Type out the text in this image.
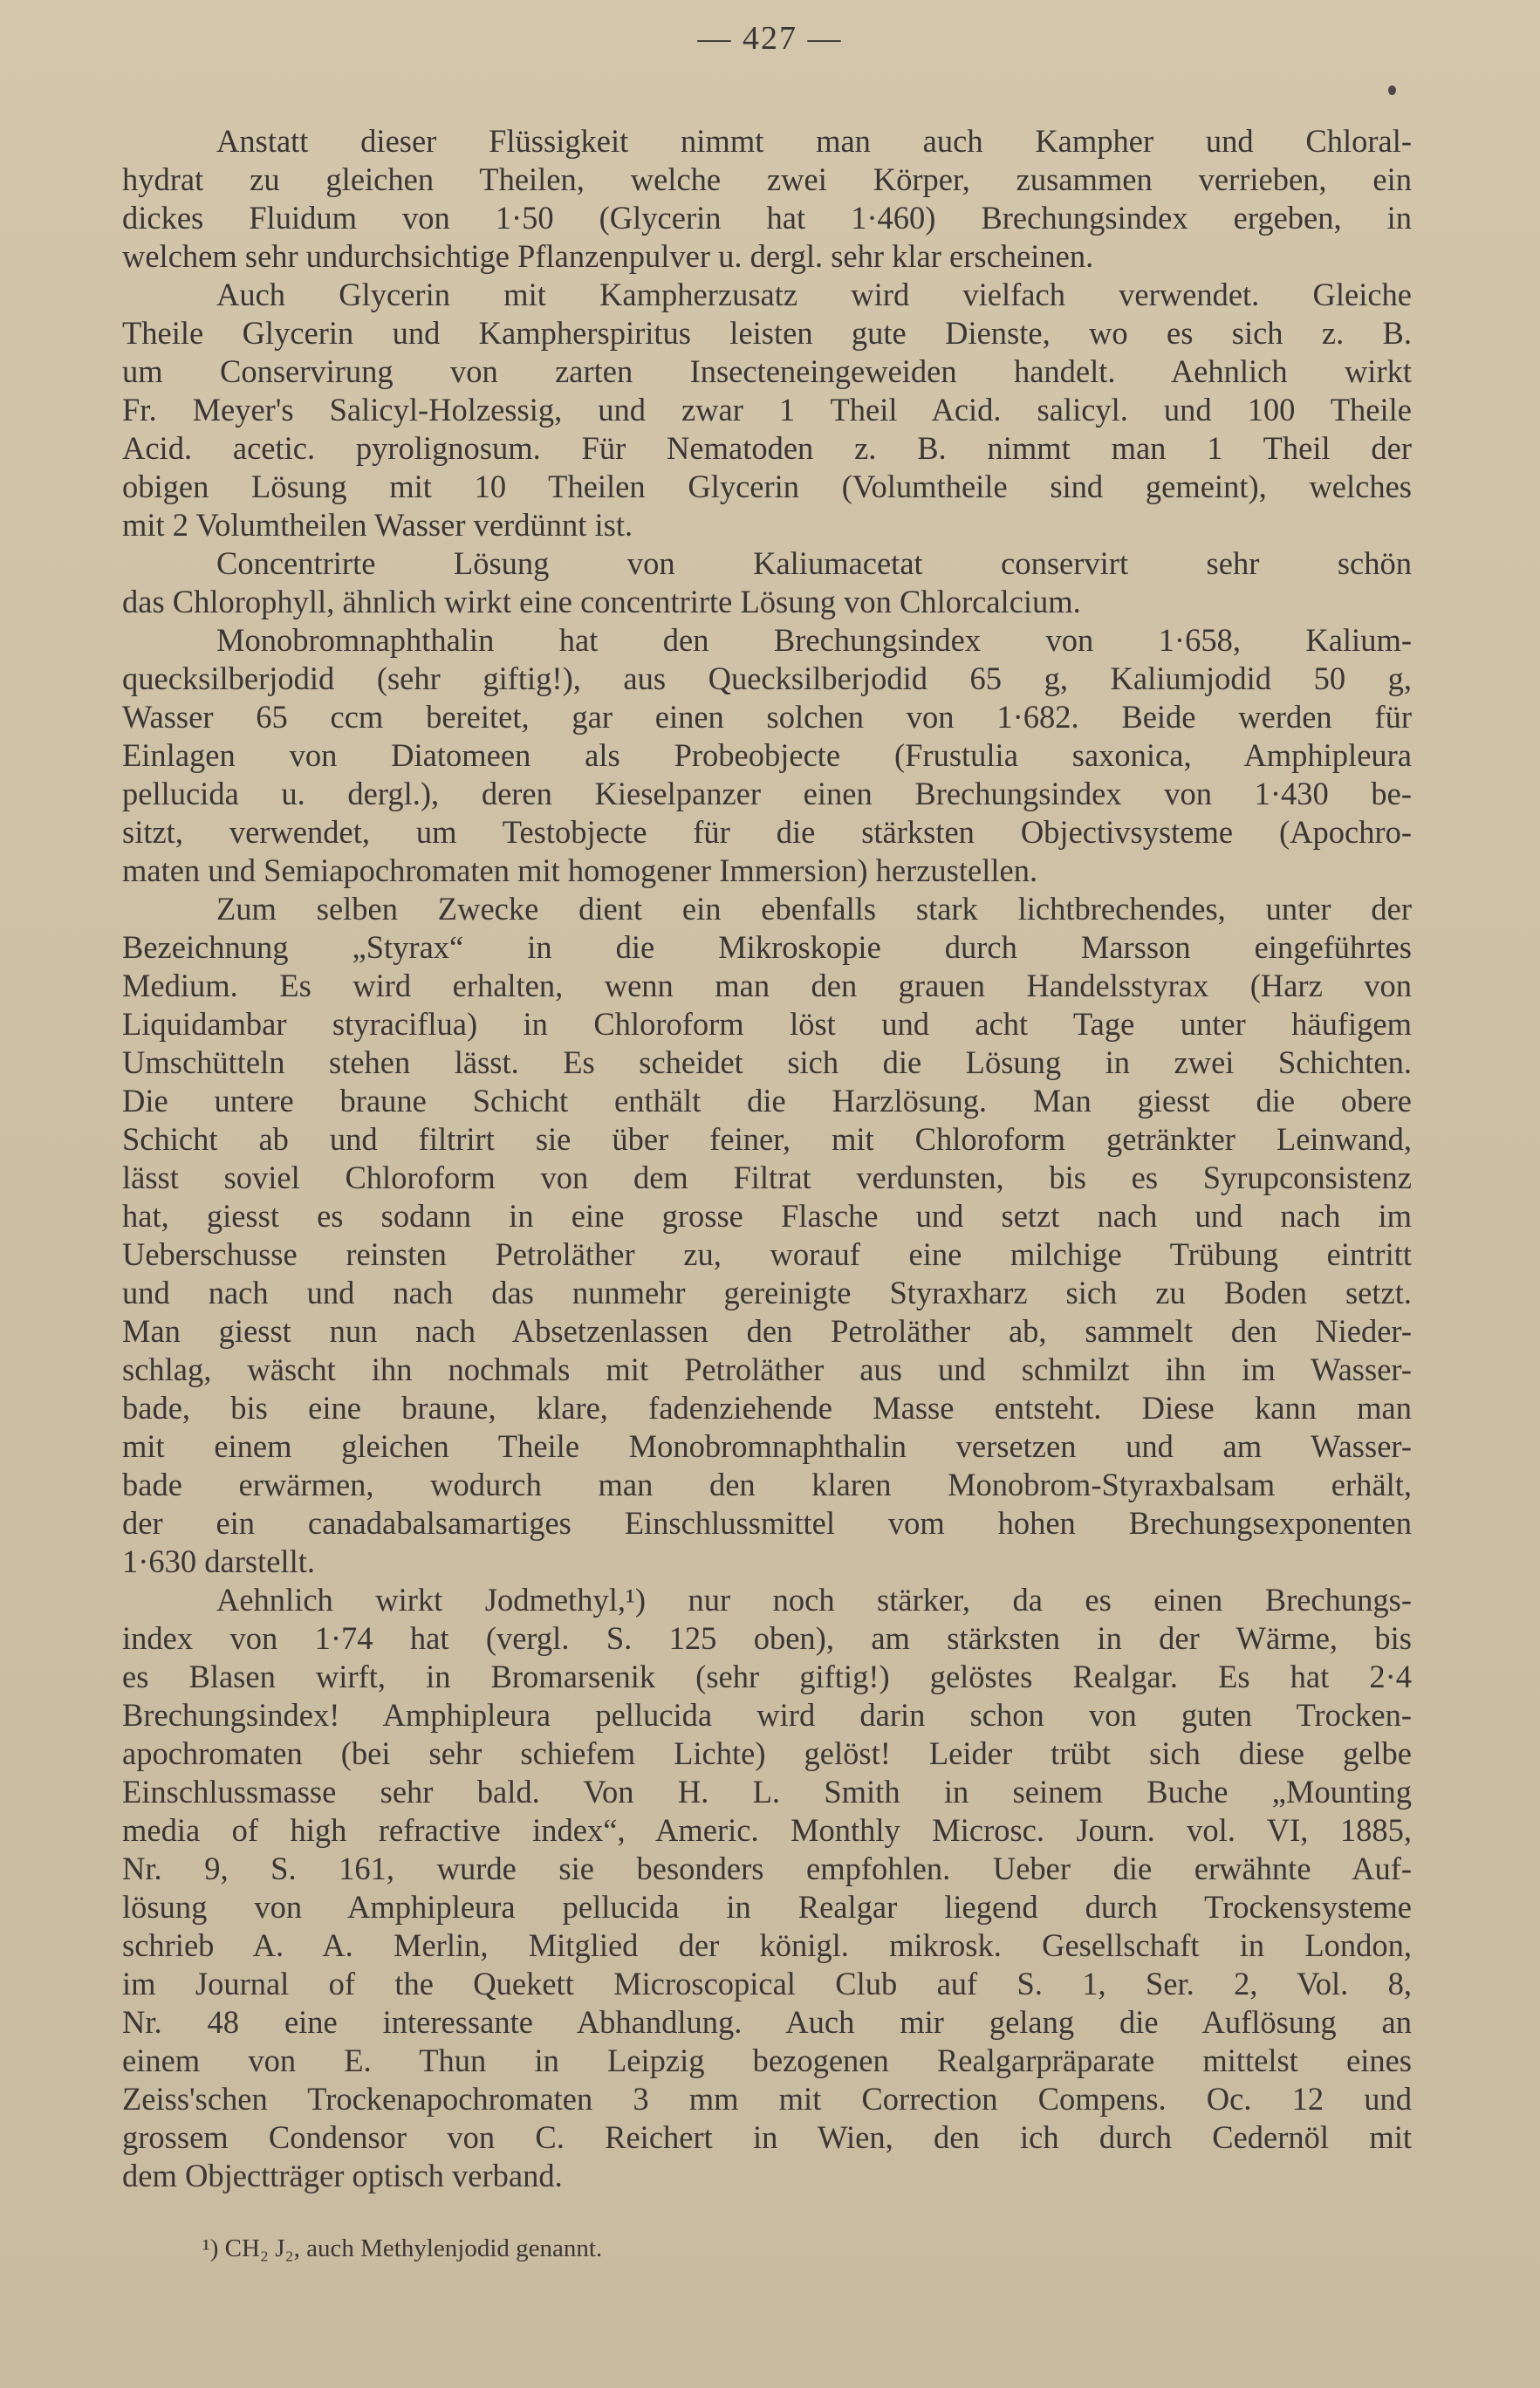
— 427 —
Anstatt dieser Flüssigkeit nimmt man auch Kampher und Chloral-
hydrat zu gleichen Theilen, welche zwei Körper, zusammen verrieben, ein
dickes Fluidum von 1·50 (Glycerin hat 1·460) Brechungsindex ergeben, in
welchem sehr undurchsichtige Pflanzenpulver u. dergl. sehr klar erscheinen.
Auch Glycerin mit Kampherzusatz wird vielfach verwendet. Gleiche
Theile Glycerin und Kampherspiritus leisten gute Dienste, wo es sich z. B.
um Conservirung von zarten Insecteneingeweiden handelt. Aehnlich wirkt
Fr. Meyer's Salicyl-Holzessig, und zwar 1 Theil Acid. salicyl. und 100 Theile
Acid. acetic. pyrolignosum. Für Nematoden z. B. nimmt man 1 Theil der
obigen Lösung mit 10 Theilen Glycerin (Volumtheile sind gemeint), welches
mit 2 Volumtheilen Wasser verdünnt ist.
Concentrirte Lösung von Kaliumacetat conservirt sehr schön
das Chlorophyll, ähnlich wirkt eine concentrirte Lösung von Chlorcalcium.
Monobromnaphthalin hat den Brechungsindex von 1·658, Kalium-
quecksilberjodid (sehr giftig!), aus Quecksilberjodid 65 g, Kaliumjodid 50 g,
Wasser 65 ccm bereitet, gar einen solchen von 1·682. Beide werden für
Einlagen von Diatomeen als Probeobjecte (Frustulia saxonica, Amphipleura
pellucida u. dergl.), deren Kieselpanzer einen Brechungsindex von 1·430 be-
sitzt, verwendet, um Testobjecte für die stärksten Objectivsysteme (Apochro-
maten und Semiapochromaten mit homogener Immersion) herzustellen.
Zum selben Zwecke dient ein ebenfalls stark lichtbrechendes, unter der
Bezeichnung „Styrax“ in die Mikroskopie durch Marsson eingeführtes
Medium. Es wird erhalten, wenn man den grauen Handelsstyrax (Harz von
Liquidambar styraciflua) in Chloroform löst und acht Tage unter häufigem
Umschütteln stehen lässt. Es scheidet sich die Lösung in zwei Schichten.
Die untere braune Schicht enthält die Harzlösung. Man giesst die obere
Schicht ab und filtrirt sie über feiner, mit Chloroform getränkter Leinwand,
lässt soviel Chloroform von dem Filtrat verdunsten, bis es Syrupconsistenz
hat, giesst es sodann in eine grosse Flasche und setzt nach und nach im
Ueberschusse reinsten Petroläther zu, worauf eine milchige Trübung eintritt
und nach und nach das nunmehr gereinigte Styraxharz sich zu Boden setzt.
Man giesst nun nach Absetzenlassen den Petroläther ab, sammelt den Nieder-
schlag, wäscht ihn nochmals mit Petroläther aus und schmilzt ihn im Wasser-
bade, bis eine braune, klare, fadenziehende Masse entsteht. Diese kann man
mit einem gleichen Theile Monobromnaphthalin versetzen und am Wasser-
bade erwärmen, wodurch man den klaren Monobrom-Styraxbalsam erhält,
der ein canadabalsamartiges Einschlussmittel vom hohen Brechungsexponenten
1·630 darstellt.
Aehnlich wirkt Jodmethyl,¹) nur noch stärker, da es einen Brechungs-
index von 1·74 hat (vergl. S. 125 oben), am stärksten in der Wärme, bis
es Blasen wirft, in Bromarsenik (sehr giftig!) gelöstes Realgar. Es hat 2·4
Brechungsindex! Amphipleura pellucida wird darin schon von guten Trocken-
apochromaten (bei sehr schiefem Lichte) gelöst! Leider trübt sich diese gelbe
Einschlussmasse sehr bald. Von H. L. Smith in seinem Buche „Mounting
media of high refractive index“, Americ. Monthly Microsc. Journ. vol. VI, 1885,
Nr. 9, S. 161, wurde sie besonders empfohlen. Ueber die erwähnte Auf-
lösung von Amphipleura pellucida in Realgar liegend durch Trockensysteme
schrieb A. A. Merlin, Mitglied der königl. mikrosk. Gesellschaft in London,
im Journal of the Quekett Microscopical Club auf S. 1, Ser. 2, Vol. 8,
Nr. 48 eine interessante Abhandlung. Auch mir gelang die Auflösung an
einem von E. Thun in Leipzig bezogenen Realgarpräparate mittelst eines
Zeiss'schen Trockenapochromaten 3 mm mit Correction Compens. Oc. 12 und
grossem Condensor von C. Reichert in Wien, den ich durch Cedernöl mit
dem Objectträger optisch verband.
¹) CH₂ J₂, auch Methylenjodid genannt.
